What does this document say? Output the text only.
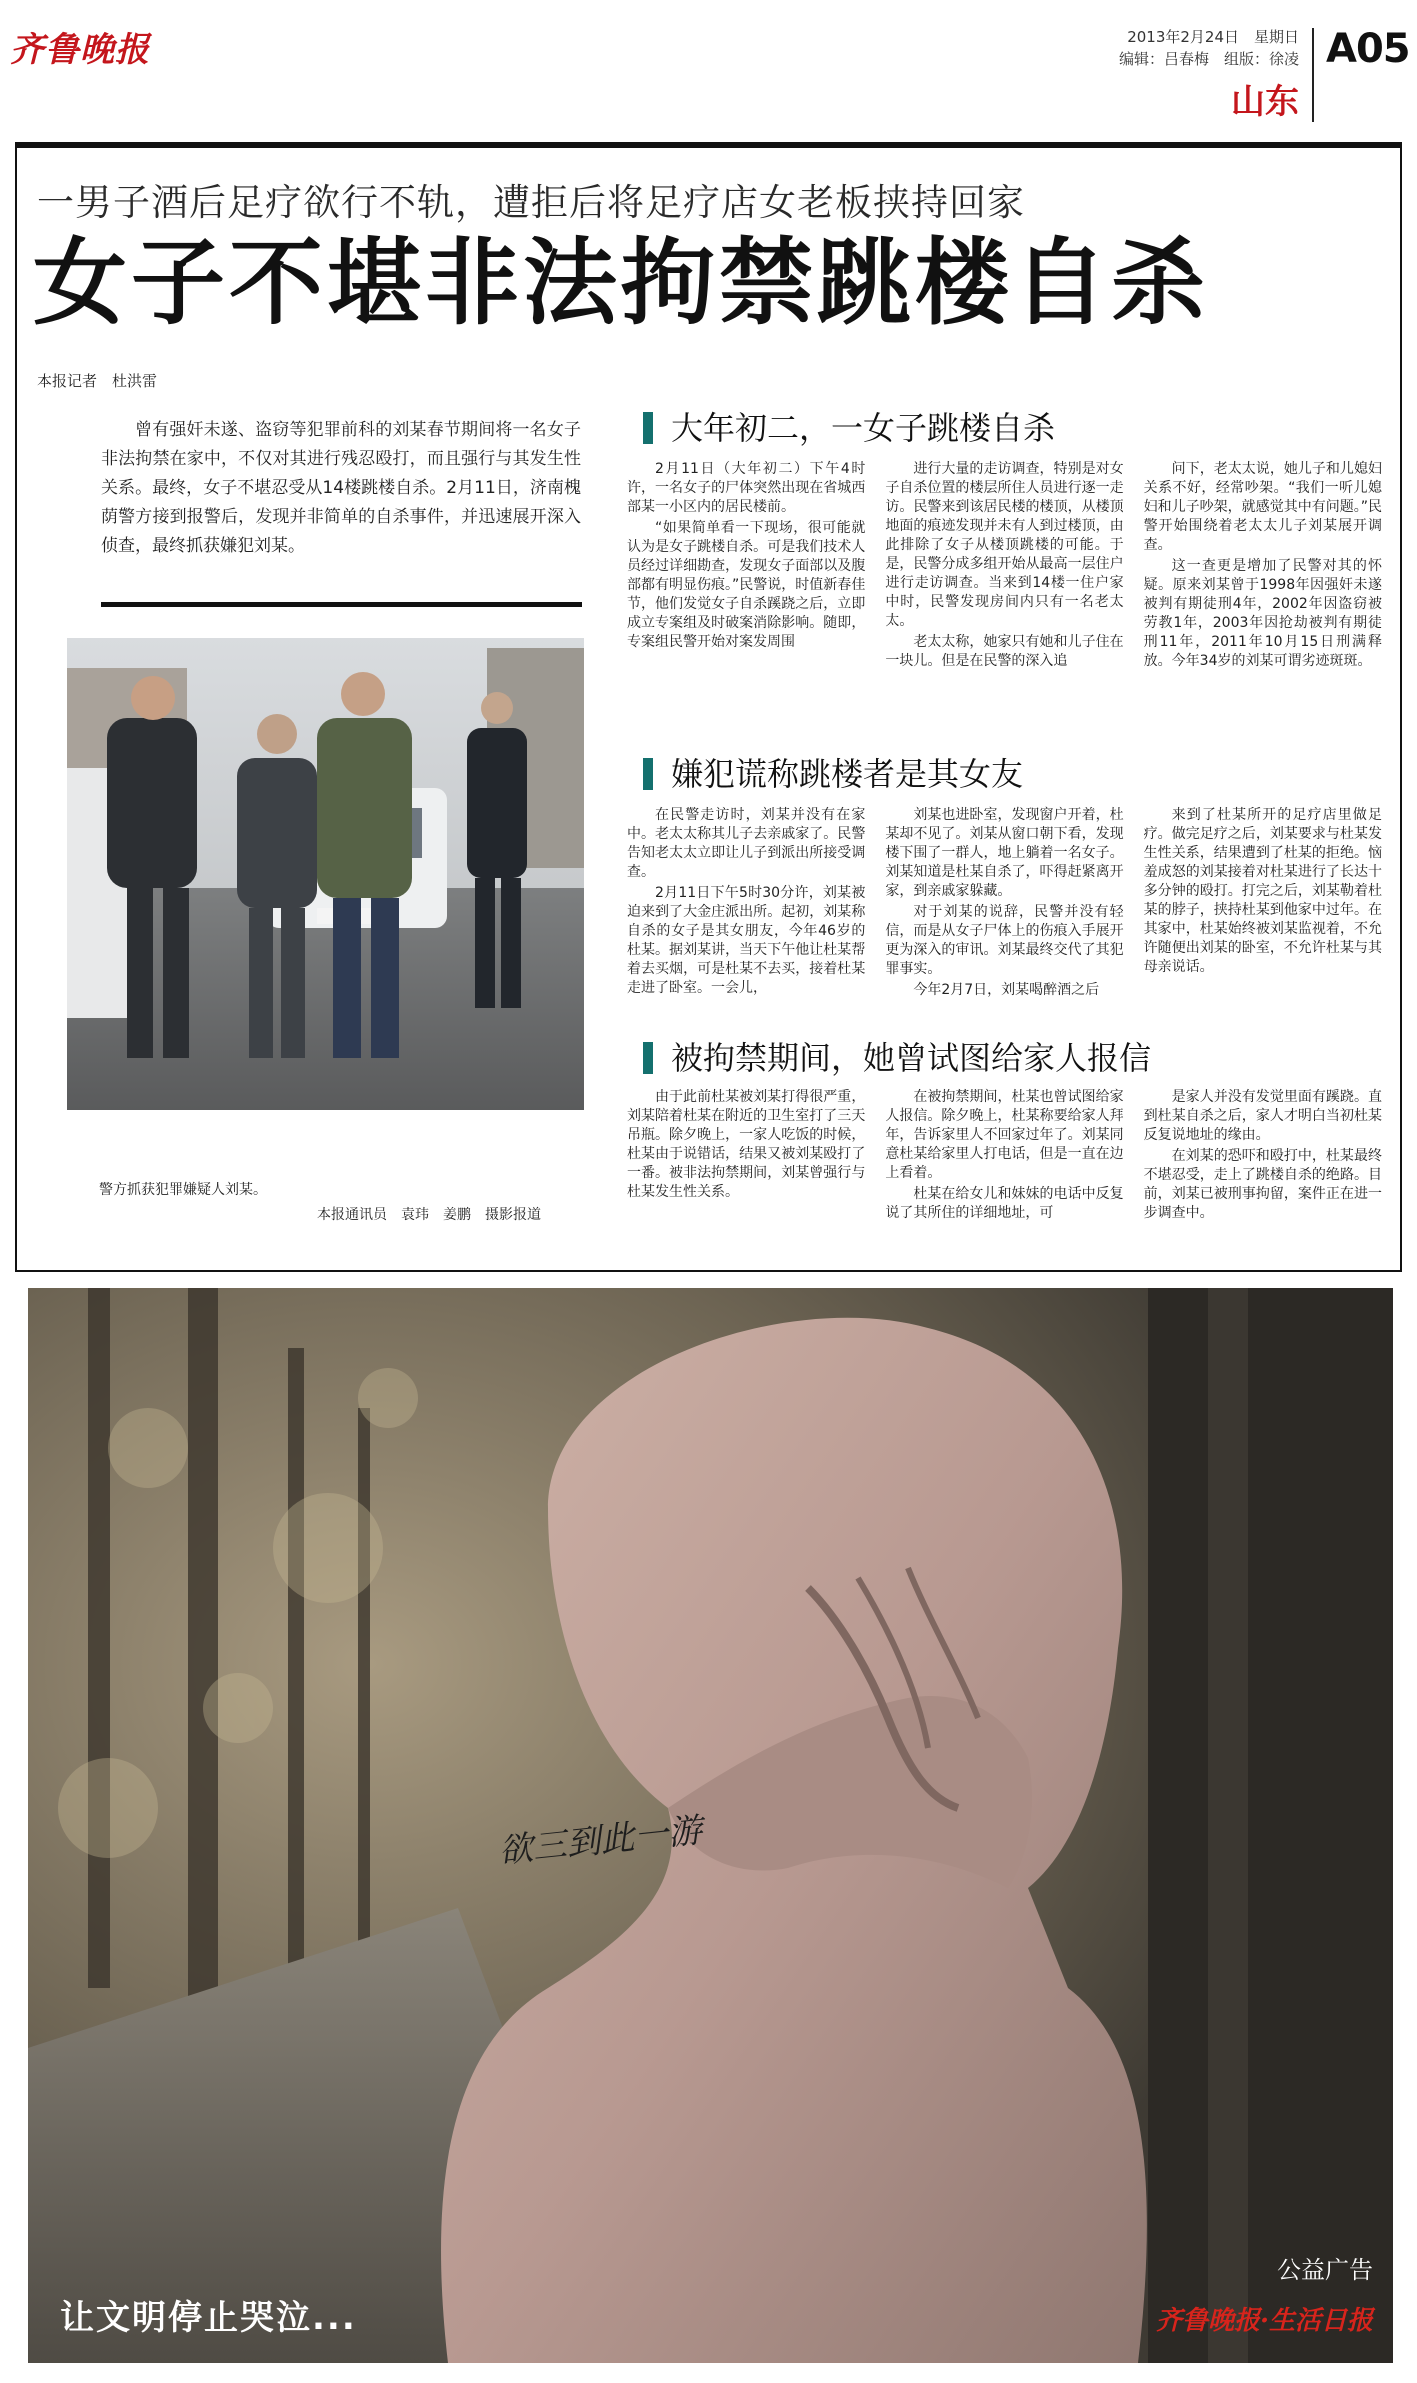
齐鲁晚报	2013年2月24日　星期日
编辑：吕春梅　组版：徐凌
山东
A05
一男子酒后足疗欲行不轨，遭拒后将足疗店女老板挟持回家
女子不堪非法拘禁跳楼自杀
本报记者　杜洪雷
曾有强奸未遂、盗窃等犯罪前科的刘某春节期间将一名女子非法拘禁在家中，不仅对其进行残忍殴打，而且强行与其发生性关系。最终，女子不堪忍受从14楼跳楼自杀。2月11日，济南槐荫警方接到报警后，发现并非简单的自杀事件，并迅速展开深入侦查，最终抓获嫌犯刘某。
警方抓获犯罪嫌疑人刘某。
本报通讯员　袁玮　姜鹏　摄影报道
大年初二，一女子跳楼自杀

2月11日（大年初二）下午4时许，一名女子的尸体突然出现在省城西部某一小区内的居民楼前。

“如果简单看一下现场，很可能就认为是女子跳楼自杀。可是我们技术人员经过详细勘查，发现女子面部以及腹部都有明显伤痕。”民警说，时值新春佳节，他们发觉女子自杀蹊跷之后，立即成立专案组及时破案消除影响。随即，专案组民警开始对案发周围

进行大量的走访调查，特别是对女子自杀位置的楼层所住人员进行逐一走访。民警来到该居民楼的楼顶，从楼顶地面的痕迹发现并未有人到过楼顶，由此排除了女子从楼顶跳楼的可能。于是，民警分成多组开始从最高一层住户进行走访调查。当来到14楼一住户家中时，民警发现房间内只有一名老太太。

老太太称，她家只有她和儿子住在一块儿。但是在民警的深入追

问下，老太太说，她儿子和儿媳妇关系不好，经常吵架。“我们一听儿媳妇和儿子吵架，就感觉其中有问题。”民警开始围绕着老太太儿子刘某展开调查。

这一查更是增加了民警对其的怀疑。原来刘某曾于1998年因强奸未遂被判有期徒刑4年，2002年因盗窃被劳教1年，2003年因抢劫被判有期徒刑11年，2011年10月15日刑满释放。今年34岁的刘某可谓劣迹斑斑。

嫌犯谎称跳楼者是其女友

在民警走访时，刘某并没有在家中。老太太称其儿子去亲戚家了。民警告知老太太立即让儿子到派出所接受调查。

2月11日下午5时30分许，刘某被迫来到了大金庄派出所。起初，刘某称自杀的女子是其女朋友，今年46岁的杜某。据刘某讲，当天下午他让杜某帮着去买烟，可是杜某不去买，接着杜某走进了卧室。一会儿，

刘某也进卧室，发现窗户开着，杜某却不见了。刘某从窗口朝下看，发现楼下围了一群人，地上躺着一名女子。刘某知道是杜某自杀了，吓得赶紧离开家，到亲戚家躲藏。

对于刘某的说辞，民警并没有轻信，而是从女子尸体上的伤痕入手展开更为深入的审讯。刘某最终交代了其犯罪事实。

今年2月7日，刘某喝醉酒之后

来到了杜某所开的足疗店里做足疗。做完足疗之后，刘某要求与杜某发生性关系，结果遭到了杜某的拒绝。恼羞成怒的刘某接着对杜某进行了长达十多分钟的殴打。打完之后，刘某勒着杜某的脖子，挟持杜某到他家中过年。在其家中，杜某始终被刘某监视着，不允许随便出刘某的卧室，不允许杜某与其母亲说话。

被拘禁期间，她曾试图给家人报信

由于此前杜某被刘某打得很严重，刘某陪着杜某在附近的卫生室打了三天吊瓶。除夕晚上，一家人吃饭的时候，杜某由于说错话，结果又被刘某殴打了一番。被非法拘禁期间，刘某曾强行与杜某发生性关系。

在被拘禁期间，杜某也曾试图给家人报信。除夕晚上，杜某称要给家人拜年，告诉家里人不回家过年了。刘某同意杜某给家里人打电话，但是一直在边上看着。

杜某在给女儿和妹妹的电话中反复说了其所住的详细地址，可

是家人并没有发觉里面有蹊跷。直到杜某自杀之后，家人才明白当初杜某反复说地址的缘由。

在刘某的恐吓和殴打中，杜某最终不堪忍受，走上了跳楼自杀的绝路。目前，刘某已被刑事拘留，案件正在进一步调查中。

欲三到此一游
让文明停止哭泣...
公益广告
齐鲁晚报·生活日报
